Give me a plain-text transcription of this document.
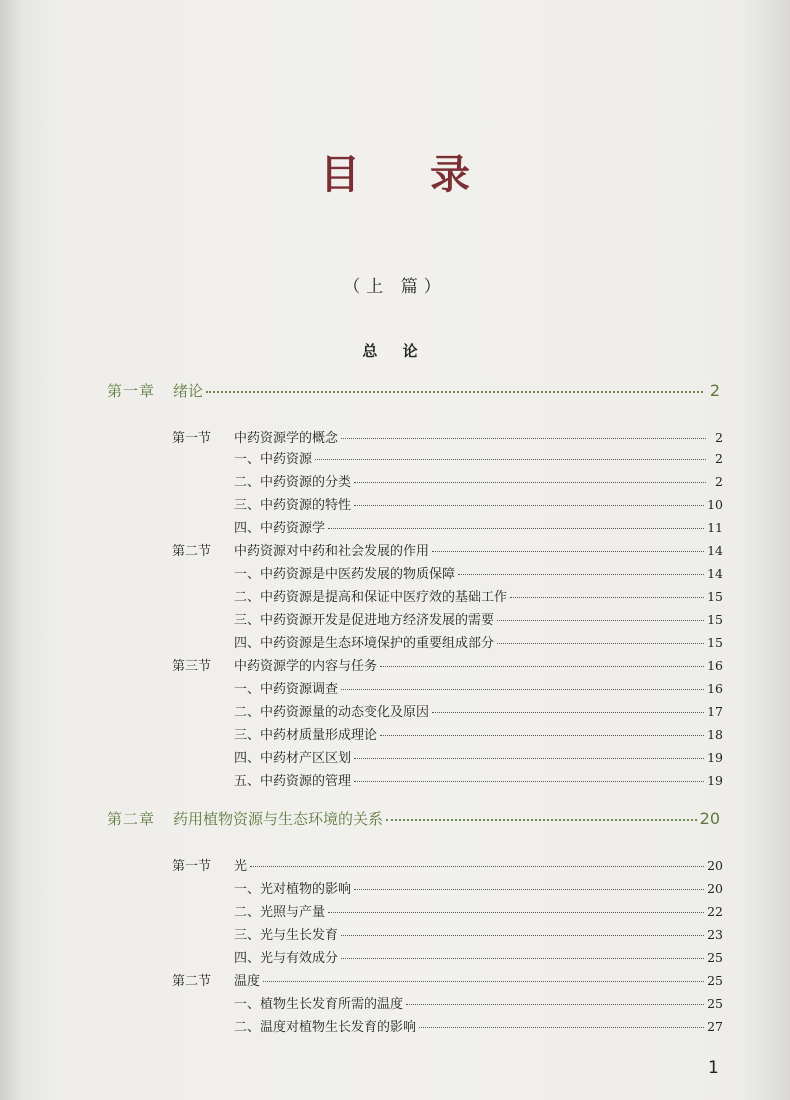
目 录
（上 篇）
总 论
第一章	绪论	2
第一节	中药资源学的概念	2
一、中药资源	2
二、中药资源的分类	2
三、中药资源的特性	10
四、中药资源学	11
第二节	中药资源对中药和社会发展的作用	14
一、中药资源是中医药发展的物质保障	14
二、中药资源是提高和保证中医疗效的基础工作	15
三、中药资源开发是促进地方经济发展的需要	15
四、中药资源是生态环境保护的重要组成部分	15
第三节	中药资源学的内容与任务	16
一、中药资源调查	16
二、中药资源量的动态变化及原因	17
三、中药材质量形成理论	18
四、中药材产区区划	19
五、中药资源的管理	19
第二章	药用植物资源与生态环境的关系	20
第一节	光	20
一、光对植物的影响	20
二、光照与产量	22
三、光与生长发育	23
四、光与有效成分	25
第二节	温度	25
一、植物生长发育所需的温度	25
二、温度对植物生长发育的影响	27
1
